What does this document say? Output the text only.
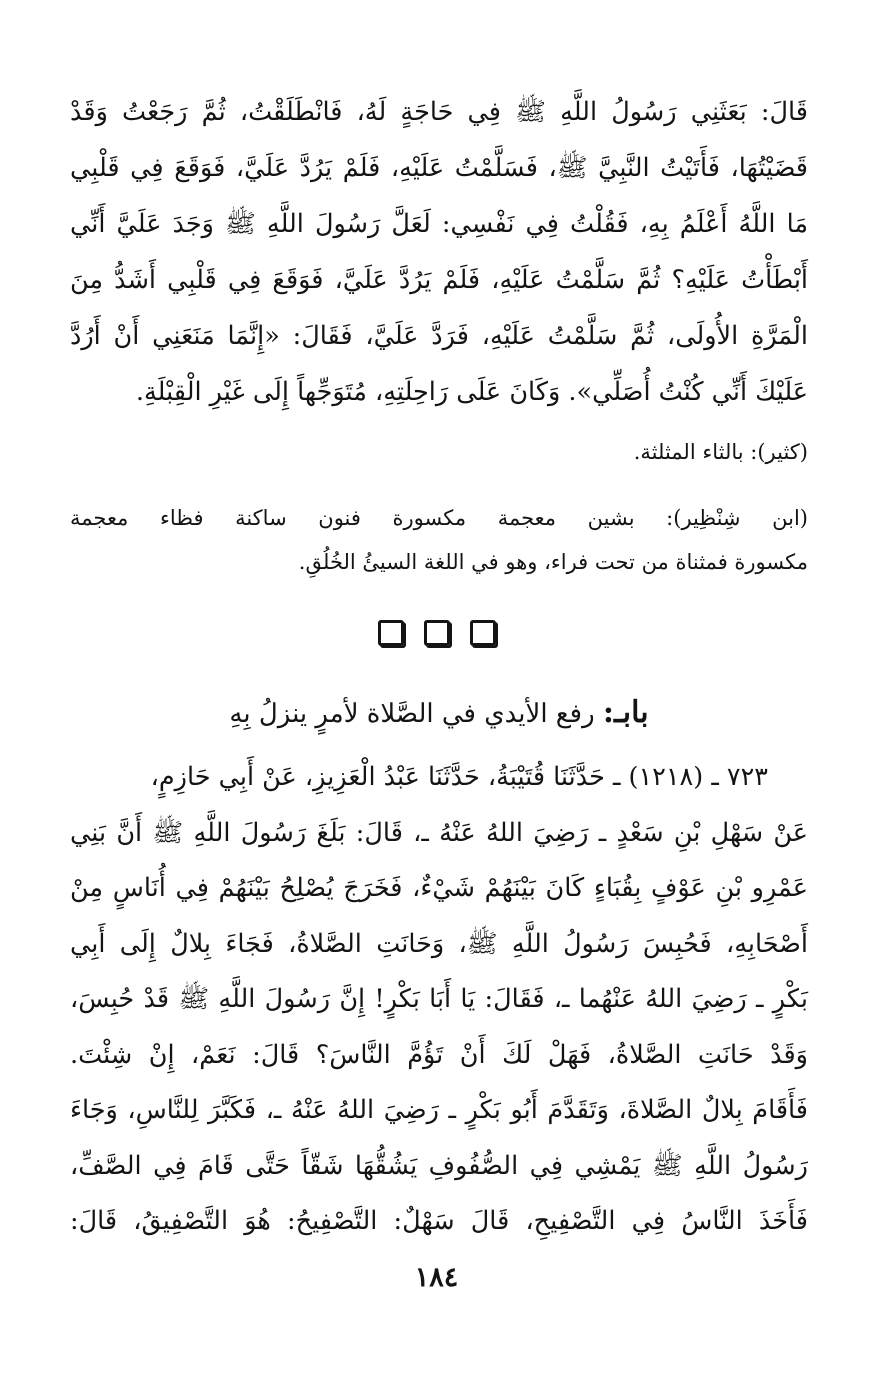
قَالَ: بَعَثَنِي رَسُولُ اللَّهِ ﷺ فِي حَاجَةٍ لَهُ، فَانْطَلَقْتُ، ثُمَّ رَجَعْتُ وَقَدْ
قَضَيْتُهَا، فَأَتَيْتُ النَّبِيَّ ﷺ، فَسَلَّمْتُ عَلَيْهِ، فَلَمْ يَرُدَّ عَلَيَّ، فَوَقَعَ فِي قَلْبِي
مَا اللَّهُ أَعْلَمُ بِهِ، فَقُلْتُ فِي نَفْسِي: لَعَلَّ رَسُولَ اللَّهِ ﷺ وَجَدَ عَلَيَّ أَنِّي
أَبْطَأْتُ عَلَيْهِ؟ ثُمَّ سَلَّمْتُ عَلَيْهِ، فَلَمْ يَرُدَّ عَلَيَّ، فَوَقَعَ فِي قَلْبِي أَشَدُّ مِنَ
الْمَرَّةِ الأُولَى، ثُمَّ سَلَّمْتُ عَلَيْهِ، فَرَدَّ عَلَيَّ، فَقَالَ: «إِنَّمَا مَنَعَنِي أَنْ أَرُدَّ
عَلَيْكَ أَنِّي كُنْتُ أُصَلِّي». وَكَانَ عَلَى رَاحِلَتِهِ، مُتَوَجِّهاً إِلَى غَيْرِ الْقِبْلَةِ.
(كثير): بالثاء المثلثة.
(ابن شِنْظِير): بشين معجمة مكسورة فنون ساكنة فظاء معجمة
مكسورة فمثناة من تحت فراء، وهو في اللغة السيئُ الخُلُقِ.
بابـ: رفع الأيدي في الصَّلاة لأمرٍ ينزلُ بِهِ
٧٢٣ ـ (١٢١٨) ـ حَدَّثَنَا قُتَيْبَةُ، حَدَّثَنَا عَبْدُ الْعَزِيزِ، عَنْ أَبِي حَازِمٍ،
عَنْ سَهْلِ بْنِ سَعْدٍ ـ رَضِيَ اللهُ عَنْهُ ـ، قَالَ: بَلَغَ رَسُولَ اللَّهِ ﷺ أَنَّ بَنِي
عَمْرِو بْنِ عَوْفٍ بِقُبَاءٍ كَانَ بَيْنَهُمْ شَيْءٌ، فَخَرَجَ يُصْلِحُ بَيْنَهُمْ فِي أُنَاسٍ مِنْ
أَصْحَابِهِ، فَحُبِسَ رَسُولُ اللَّهِ ﷺ، وَحَانَتِ الصَّلاةُ، فَجَاءَ بِلالٌ إِلَى أَبِي
بَكْرٍ ـ رَضِيَ اللهُ عَنْهُما ـ، فَقَالَ: يَا أَبَا بَكْرٍ! إِنَّ رَسُولَ اللَّهِ ﷺ قَدْ حُبِسَ،
وَقَدْ حَانَتِ الصَّلاةُ، فَهَلْ لَكَ أَنْ تَؤُمَّ النَّاسَ؟ قَالَ: نَعَمْ، إِنْ شِئْتَ.
فَأَقَامَ بِلالٌ الصَّلاةَ، وَتَقَدَّمَ أَبُو بَكْرٍ ـ رَضِيَ اللهُ عَنْهُ ـ، فَكَبَّرَ لِلنَّاسِ، وَجَاءَ
رَسُولُ اللَّهِ ﷺ يَمْشِي فِي الصُّفُوفِ يَشُقُّهَا شَقّاً حَتَّى قَامَ فِي الصَّفِّ،
فَأَخَذَ النَّاسُ فِي التَّصْفِيحِ، قَالَ سَهْلٌ: التَّصْفِيحُ: هُوَ التَّصْفِيقُ، قَالَ:
١٨٤
